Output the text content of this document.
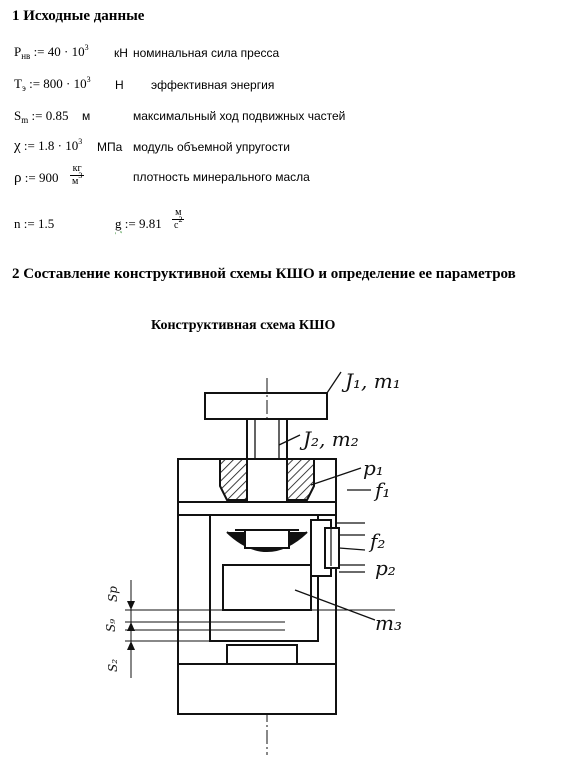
1 Исходные данные
$P_{нв}$ := $40 \cdot 10^3$ кН номинальная сила пресса
$T_э$ := $800 \cdot 10^3$ Н эффективная энергия
$S_m$ := 0.85 м	максимальный ход подвижных частей
χ := $1.8 \cdot 10^3$ МПа модуль объемной упругости
ρ := $900 \frac{кг}{м^3}$	плотность минерального масла
n := 1.5	g := $9.81 \frac{м}{с^2}$
2 Составление конструктивной схемы КШО и определение ее параметров
Конструктивная схема КШО
J₁, m₁
J₂, m₂
p₁
f₁
f₂
p₂
m₃
Sp
S₉
S₂
